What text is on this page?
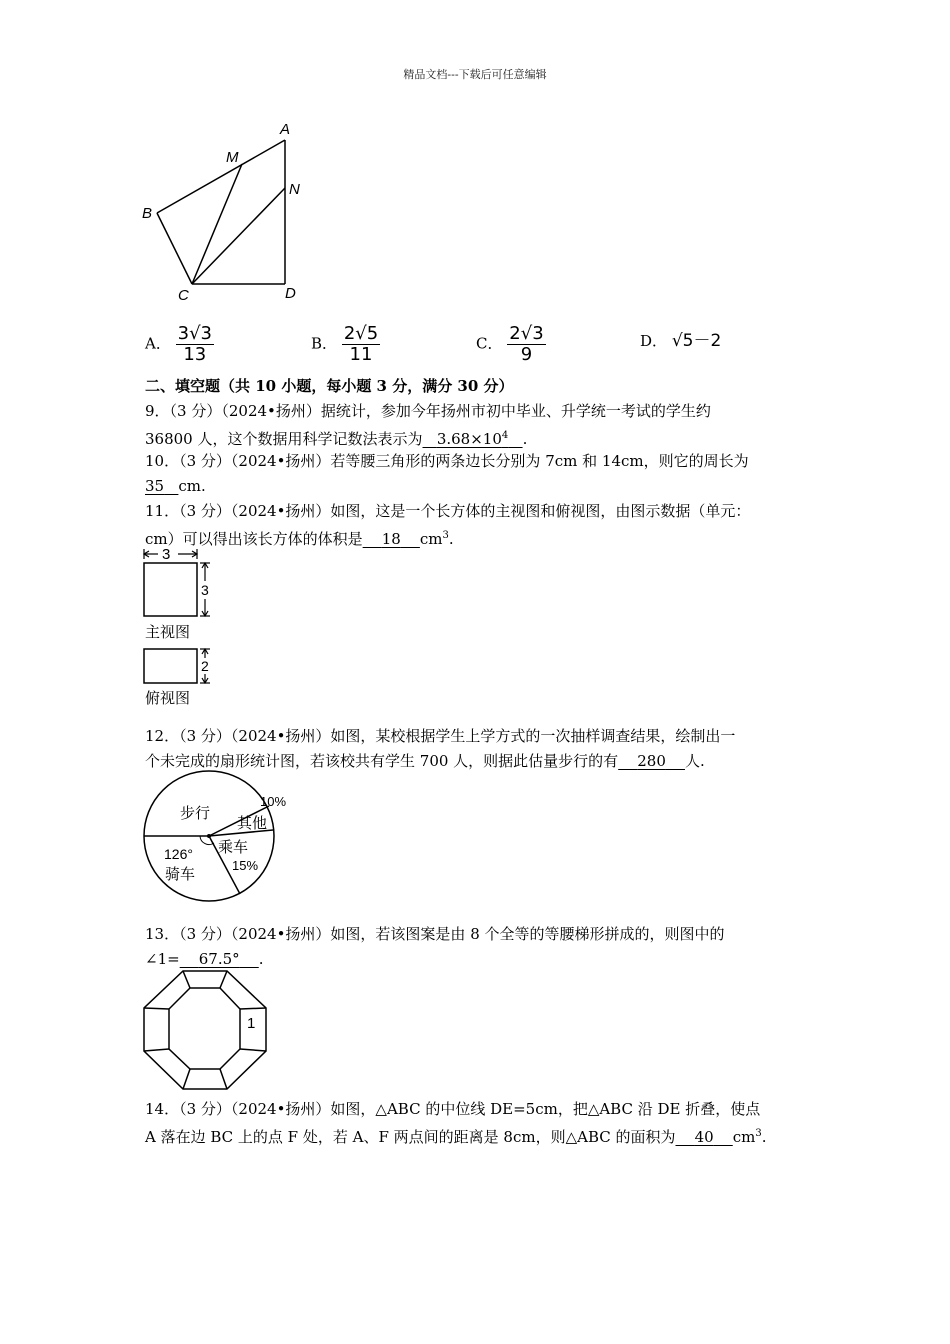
精品文档---下载后可任意编辑
A
M
N
B
C	D
A． $\frac{3√3}{13}$	B． $\frac{2√5}{11}$	C． $\frac{2√3}{9}$	D． √5－2
二、填空题（共 10 小题，每小题 3 分，满分 30 分）
9．（3 分）（2024•扬州）据统计，参加今年扬州市初中毕业、升学统一考试的学生约
36800 人，这个数据用科学记数法表示为 $3.68\times 10^4$ .
10．（3 分）（2024•扬州）若等腰三角形的两条边长分别为 7cm 和 14cm，则它的周长为
35 cm.
11．（3 分）（2024•扬州）如图，这是一个长方体的主视图和俯视图，由图示数据（单元：
cm）可以得出该长方体的体积是 18 $cm^3$.
3
3
2
主视图
俯视图
12．（3 分）（2024•扬州）如图，某校根据学生上学方式的一次抽样调查结果，绘制出一
个未完成的扇形统计图，若该校共有学生 700 人，则据此估量步行的有 280 人.
步行
10%
其他
乘车
15%
126°
骑车
13．（3 分）（2024•扬州）如图，若该图案是由 8 个全等的等腰梯形拼成的，则图中的
∠1= 67.5° .
1
14．（3 分）（2024•扬州）如图，△ABC 的中位线 DE=5cm，把△ABC 沿 DE 折叠，使点
A 落在边 BC 上的点 F 处，若 A、F 两点间的距离是 8cm，则△ABC 的面积为 40 $cm^3$.
